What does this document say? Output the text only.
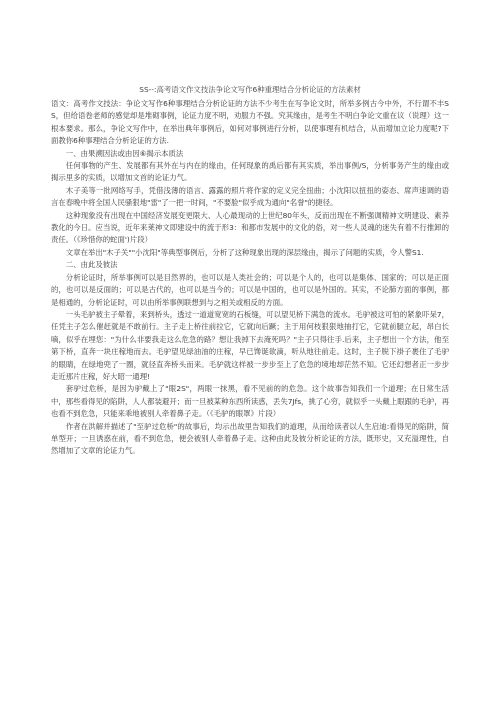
SS--:高考语文作文技法争论文写作6种重理结合分析论证的方法素材

语文：高考作文技法：争论文写作6种事理结合分析论证的方法不少考生在写争论文时，所举多例古今中外，不行谓不丰SS，但给语卷老师的感觉却是堆砌事例，论证力度不明，劝服力不强。究其缘由，是考生不明白争论文重在议（说理）这一根本要求。那么，争论文写作中，在举出典年事例后，如何对事例进行分析，以使事理有机结合，从而增加立论力度呢?下面教你6种事理结合分析论证的方法.

一、由果溯因法或由因⑥揭示本质法

任何事物的产生、发展都有其外在与内在的缘由，任何现象的禹后都有其实质，举出事例/S，分析事务产生的缘由或揭示里多的实质，以增加文首的论证力气。

木子美等一批网络写手，凭借浅薄的语言、露露的照片将作家的定义完全扭曲；小沈阳以扭扭的姿态、席声速调的语言在春晚中将全国人民骚狠地"雷"了一把一时间，"不要脸"似乎成为通向"名誉"的捷径。

这种现象没有出现在中国经济发展变更限大、人心最现动的上世纪80年头，反而出现在不断强调精神文明建设、素养教化的今日。应当说，近年来莱神文即建设中的流于形3：和都市发展中的文化的俗，对一些人灵魂的迷失有着不行推卸的责任。（《珍惜你的蛇面')片段）

文章在举出"木子关""小沈阳"等典型事例后，分析了这种现象出现的深层缘由，揭示了问题的实质，令人警S1.

二、由此及彼法

分析论证时，所举事例可以是目然界的，也可以是人类社会的；可以是个人的，也可以是集体、国家的；可以是正面的，也可以是反面的；可以是古代的，也可以是当今的；可以是中国的，也可以是外国的。其实，不论肺方面的事例，都是相通的，分析论证时，可以由所举事例联想到与之相关或相反的方面。

一头毛驴被主子晕着，来到桥头，透过一道道宽宽的石板缝，可以望见桥下满急的流水。毛驴被这可怕的紧象吓呆7，任凭主子怎么催赶就是不敢前行。主子走上桥往前拉它，它就向后蹶；主于用何枝狠狠地抽打它，它就前腿立起，昂白长嘀，似乎在埋您："为什么非要我走这么危急的路？想让我掉下去淹死吗？"主子只得往手.后来，主子想出一个方法，他至第下桥，直奔一块庄稼地而去。毛驴望见绿油油的庄稼，早已馋诞欲滴，听从地往前走。这时，主子脱下褂子裹住了毛驴的眼睛，在绿地兜了一圈，就径直奔桥头而来。毛驴就这样被一步步至上了危急的境地却茫然不知。它还幻想者正一步步走近那片庄稼，好大昭一通理!

套驴过危桥，是因为驴戴上了"眼2S"，两眼一抹黑，看不见前的的危急。这个故事告知我们一个道理；在日常生活中，那些看得见的陷阱，人人都装避开；而一旦被某种东西所读惑，丢失7Jfs，挑了心穷，就似乎一头戴上眼跟的毛驴，再也看不到危急，只能来乖地被别人牵着鼻子走。（《毛驴的眼罩》片段）

作者在洪解并描述了"至驴过危桥"的故事后，均示出故里告知我们的道理，从而给读者以人生启迪:看得见的陷阱，简单型开；一旦诱惑在前，看不到危急，便会被别人牵着鼻子走。这种由此及彼分析论证的方法，既形史，又充溢理性，自然增加了文章的论证力气。
